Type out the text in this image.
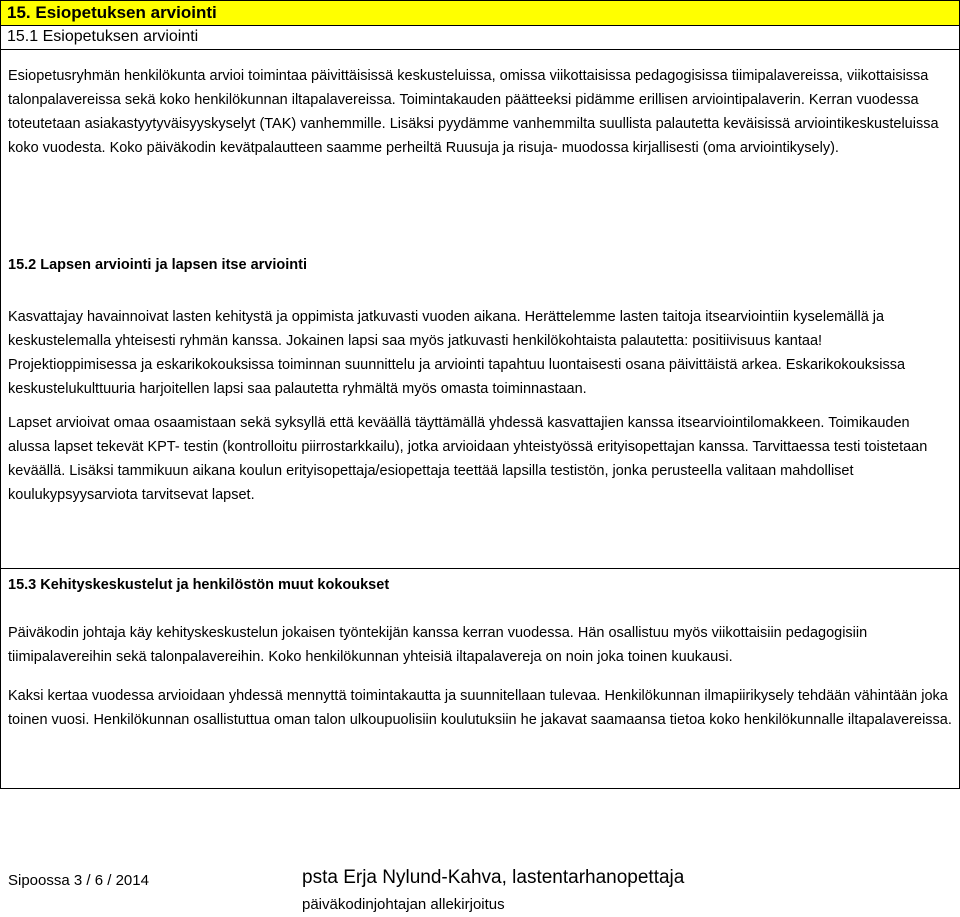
15. Esiopetuksen arviointi
15.1 Esiopetuksen arviointi

Esiopetusryhmän henkilökunta arvioi toimintaa päivittäisissä keskusteluissa, omissa viikottaisissa pedagogisissa tiimipalavereissa, viikottaisissa talonpalavereissa sekä koko henkilökunnan iltapalavereissa. Toimintakauden päätteeksi pidämme erillisen arviointipalaverin. Kerran vuodessa toteutetaan asiakastyytyväisyyskyselyt (TAK) vanhemmille. Lisäksi pyydämme vanhemmilta suullista palautetta keväisissä arviointikeskusteluissa koko vuodesta. Koko päiväkodin kevätpalautteen saamme perheiltä Ruusuja ja risuja- muodossa kirjallisesti (oma arviointikysely).

15.2 Lapsen arviointi ja lapsen itse arviointi

Kasvattajay havainnoivat lasten kehitystä ja oppimista jatkuvasti vuoden aikana. Herättelemme lasten taitoja itsearviointiin kyselemällä ja keskustelemalla yhteisesti ryhmän kanssa. Jokainen lapsi saa myös jatkuvasti henkilökohtaista palautetta: positiivisuus kantaa! Projektioppimisessa ja eskarikokouksissa toiminnan suunnittelu ja arviointi tapahtuu luontaisesti osana päivittäistä arkea. Eskarikokouksissa keskustelukulttuuria harjoitellen lapsi saa palautetta ryhmältä myös omasta toiminnastaan.

Lapset arvioivat omaa osaamistaan sekä syksyllä että keväällä täyttämällä yhdessä kasvattajien kanssa itsearviointilomakkeen. Toimikauden alussa lapset tekevät KPT- testin (kontrolloitu piirrostarkkailu), jotka arvioidaan yhteistyössä erityisopettajan kanssa. Tarvittaessa testi toistetaan keväällä. Lisäksi tammikuun aikana koulun erityisopettaja/esiopettaja teettää lapsilla testistön, jonka perusteella valitaan mahdolliset koulukypsyysarviota tarvitsevat lapset.

15.3 Kehityskeskustelut ja henkilöstön muut kokoukset

Päiväkodin johtaja käy kehityskeskustelun jokaisen työntekijän kanssa kerran vuodessa. Hän osallistuu myös viikottaisiin pedagogisiin tiimipalavereihin sekä talonpalavereihin. Koko henkilökunnan yhteisiä iltapalavereja on noin joka toinen kuukausi.

Kaksi kertaa vuodessa arvioidaan yhdessä mennyttä toimintakautta ja suunnitellaan tulevaa. Henkilökunnan ilmapiirikysely tehdään vähintään joka toinen vuosi. Henkilökunnan osallistuttua oman talon ulkoupuolisiin koulutuksiin he jakavat saamaansa tietoa koko henkilökunnalle iltapalavereissa.

Sipoossa 3 / 6 / 2014	psta Erja Nylund-Kahva, lastentarhanopettaja
päiväkodinjohtajan allekirjoitus
